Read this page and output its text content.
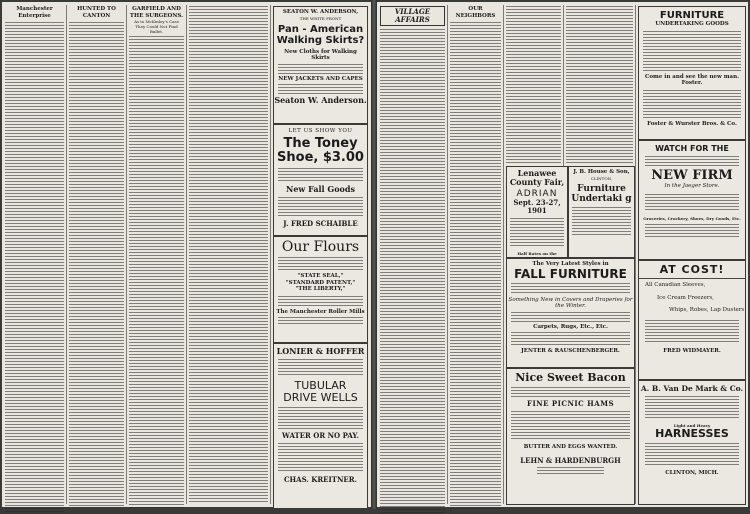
Manchester Enterprise
HUNTED TO CANTON
GARFIELD AND THE SURGEONS.
As to McKinley's Case They Could Not Find Bullet.
SEATON W. ANDERSON,
THE WHITE FRONT
Pan - American Walking Skirts?
New Cloths for Walking Skirts
NEW JACKETS AND CAPES
Seaton W. Anderson.
LET US SHOW YOU
The Toney Shoe, $3.00
New Fall Goods
J. FRED SCHAIBLE
Our Flours
"STATE SEAL,"
"STANDARD PATENT,"
"THE LIBERTY,"
The Manchester Roller Mills
LONIER & HOFFER
TUBULAR
DRIVE WELLS
WATER OR NO PAY.
CHAS. KREITNER.
VILLAGE AFFAIRS
OUR NEIGHBORS
Lenawee County Fair,
ADRIAN
Sept. 23-27, 1901
Half Rates on the
J. B. House & Son,
CLINTON,
Furniture
Undertaki g
The Very Latest Styles in
FALL FURNITURE
Something New in Covers and Draperies for the Winter.
Carpets, Rugs, Etc., Etc.
JENTER & RAUSCHENBERGER.
Nice Sweet Bacon
FINE PICNIC HAMS
BUTTER AND EGGS WANTED.
LEHN & HARDENBURGH
FURNITURE
UNDERTAKING GOODS
Come in and see the new man. Foster.
Foster & Wurster Bros. & Co.
WATCH FOR THE
NEW FIRM
In the Jaeger Store.
Groceries, Crockery, Shoes, Dry Goods, Etc.
AT COST!
All Canadian Sleeves,
Ice Cream Freezers,
Whips, Robes, Lap Dusters
FRED WIDMAYER.
A. B. Van De Mark & Co.
Light and Heavy
HARNESSES
CLINTON, MICH.
